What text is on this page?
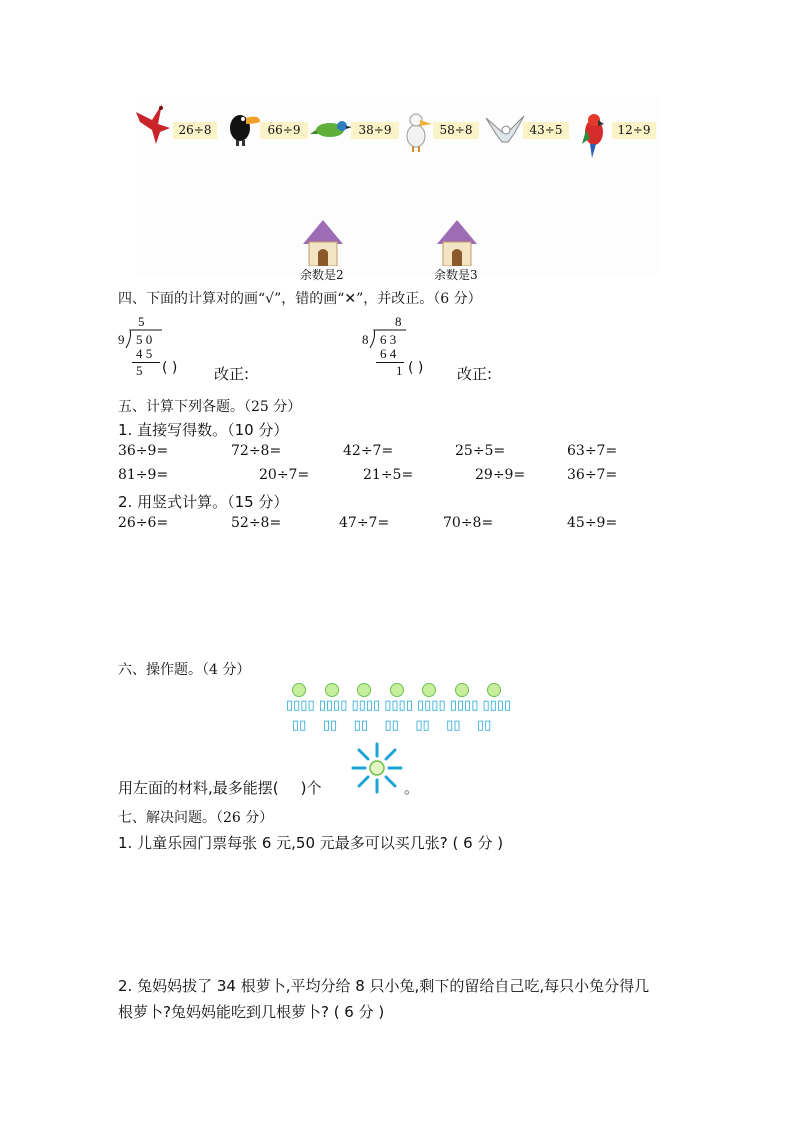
26÷8	66÷9	38÷9	58÷8	43÷5	12÷9
余数是2	余数是3
四、下面的计算对的画“√”，错的画“✕”，并改正。（6 分）
5
9 5 0
4 5
5 ( ) 改正:
8
8 6 3
6 4
1 ( ) 改正:
五、计算下列各题。（25 分）
1. 直接写得数。（10 分）
36÷9=	72÷8=	42÷7=	25÷5=	63÷7=
81÷9=	20÷7=	21÷5=	29÷9=	36÷7=
2. 用竖式计算。（15 分）
26÷6=	52÷8=	47÷7=	70÷8=	45÷9=
六、操作题。（4 分）
▯▯▯▯ ▯▯▯▯ ▯▯▯▯ ▯▯▯▯ ▯▯▯▯ ▯▯▯▯ ▯▯▯▯
▯▯    ▯▯    ▯▯    ▯▯    ▯▯    ▯▯    ▯▯
用左面的材料,最多能摆( )个	。
七、解决问题。（26 分）
1. 儿童乐园门票每张 6 元,50 元最多可以买几张? ( 6 分 )
2. 兔妈妈拔了 34 根萝卜,平均分给 8 只小兔,剩下的留给自己吃,每只小兔分得几
根萝卜?兔妈妈能吃到几根萝卜? ( 6 分 )
